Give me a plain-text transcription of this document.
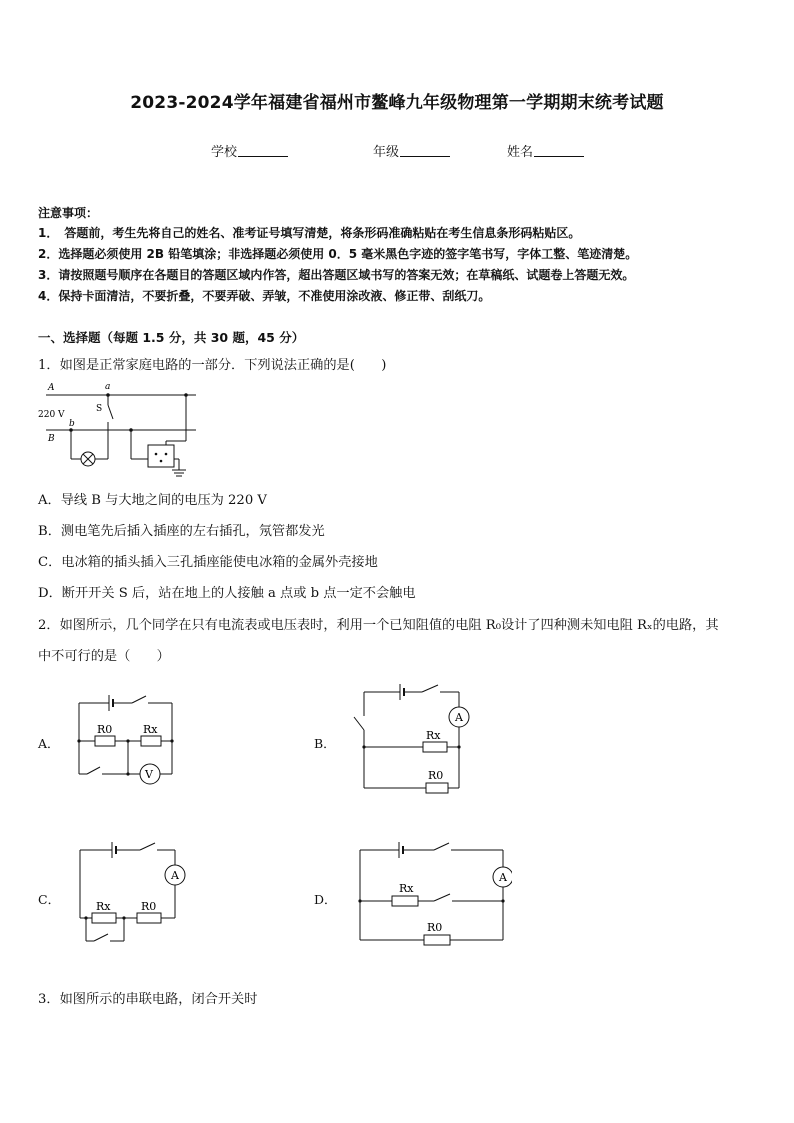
2023-2024学年福建省福州市鳌峰九年级物理第一学期期末统考试题
学校	年级	姓名
注意事项：
1．　答题前，考生先将自己的姓名、准考证号填写清楚，将条形码准确粘贴在考生信息条形码粘贴区。
2．选择题必须使用 2B 铅笔填涂；非选择题必须使用 0．5 毫米黑色字迹的签字笔书写，字体工整、笔迹清楚。
3．请按照题号顺序在各题目的答题区域内作答，超出答题区域书写的答案无效；在草稿纸、试题卷上答题无效。
4．保持卡面清洁，不要折叠，不要弄破、弄皱，不准使用涂改液、修正带、刮纸刀。
一、选择题（每题 1.5 分，共 30 题，45 分）
1．如图是正常家庭电路的一部分．下列说法正确的是(　　)
A	a
220 V
S
B
b
A．导线 B 与大地之间的电压为 220 V
B．测电笔先后插入插座的左右插孔，氖管都发光
C．电冰箱的插头插入三孔插座能使电冰箱的金属外壳接地
D．断开开关 S 后，站在地上的人接触 a 点或 b 点一定不会触电
2．如图所示，几个同学在只有电流表或电压表时，利用一个已知阻值的电阻 R₀设计了四种测未知电阻 Rₓ的电路，其
中不可行的是（　　）
A．
R0	Rx
V
B．
Rx
R0
A
C．	Rx	R0
A
D．
Rx
R0
A
3．如图所示的串联电路，闭合开关时
